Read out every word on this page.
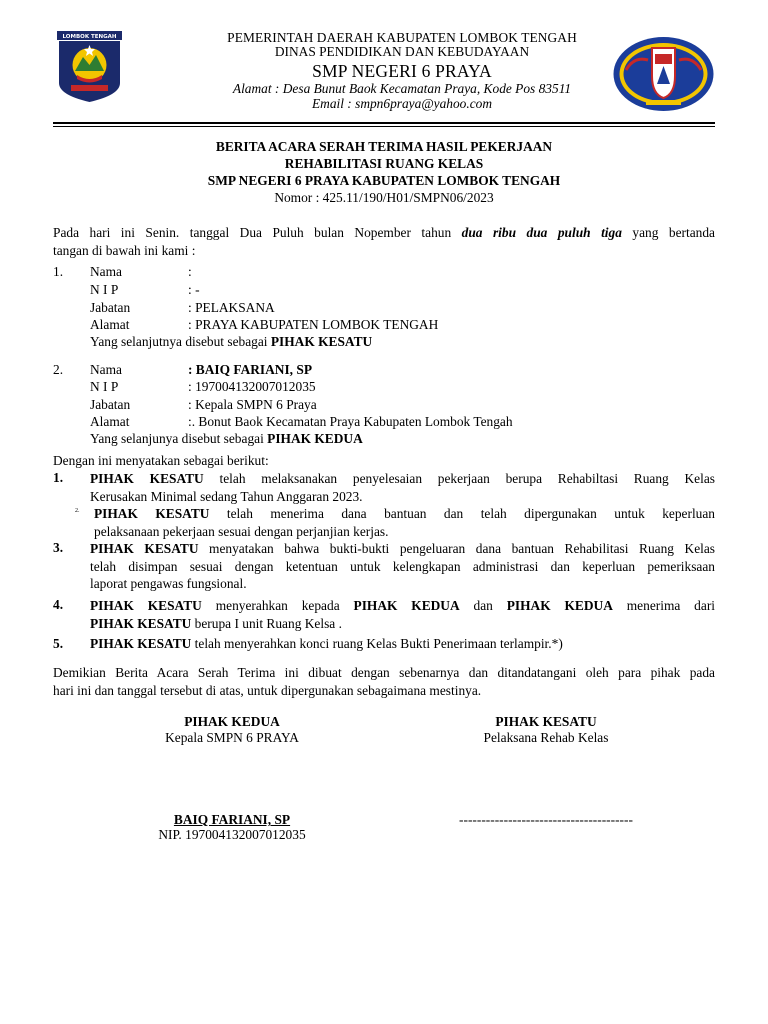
LOMBOK TENGAH	PEMERINTAH DAERAH KABUPATEN LOMBOK TENGAH
DINAS PENDIDIKAN DAN KEBUDAYAAN
SMP NEGERI 6 PRAYA
Alamat : Desa Bunut Baok Kecamatan Praya, Kode Pos 83511
Email : smpn6praya@yahoo.com
BERITA ACARA SERAH TERIMA HASIL PEKERJAAN
REHABILITASI RUANG KELAS
SMP NEGERI 6 PRAYA KABUPATEN LOMBOK TENGAH
Nomor : 425.11/190/H01/SMPN06/2023
Pada hari ini Senin. tanggal Dua Puluh bulan Nopember tahun dua ribu dua puluh tiga yang bertanda
tangan di bawah ini kami :
1. Nama	:
N I P	: -
Jabatan	: PELAKSANA
Alamat	: PRAYA KABUPATEN LOMBOK TENGAH
Yang selanjutnya disebut sebagai PIHAK KESATU
2. Nama	: BAIQ FARIANI, SP
N I P	: 197004132007012035
Jabatan	: Kepala SMPN 6 Praya
Alamat	:. Bonut Baok Kecamatan Praya Kabupaten Lombok Tengah
Yang selanjunya disebut sebagai PIHAK KEDUA
Dengan ini menyatakan sebagai berikut:
1. PIHAK KESATU telah melaksanakan penyelesaian pekerjaan berupa Rehabiltasi Ruang Kelas
Kerusakan Minimal sedang Tahun Anggaran 2023.
2. PIHAK KESATU telah menerima dana bantuan dan telah dipergunakan untuk keperluan
pelaksanaan pekerjaan sesuai dengan perjanjian kerjas.
3. PIHAK KESATU menyatakan bahwa bukti-bukti pengeluaran dana bantuan Rehabilitasi Ruang Kelas
telah disimpan sesuai dengan ketentuan untuk kelengkapan administrasi dan keperluan pemeriksaan
laporat pengawas fungsional.
4. PIHAK KESATU menyerahkan kepada PIHAK KEDUA dan PIHAK KEDUA menerima dari
PIHAK KESATU berupa I unit Ruang Kelsa .
5. PIHAK KESATU telah menyerahkan konci ruang Kelas Bukti Penerimaan terlampir.*)
Demikian Berita Acara Serah Terima ini dibuat dengan sebenarnya dan ditandatangani oleh para pihak pada
hari ini dan tanggal tersebut di atas, untuk dipergunakan sebagaimana mestinya.
PIHAK KEDUA
Kepala SMPN 6 PRAYA
BAIQ FARIANI, SP
NIP. 197004132007012035
PIHAK KESATU
Pelaksana Rehab Kelas
---------------------------------------
